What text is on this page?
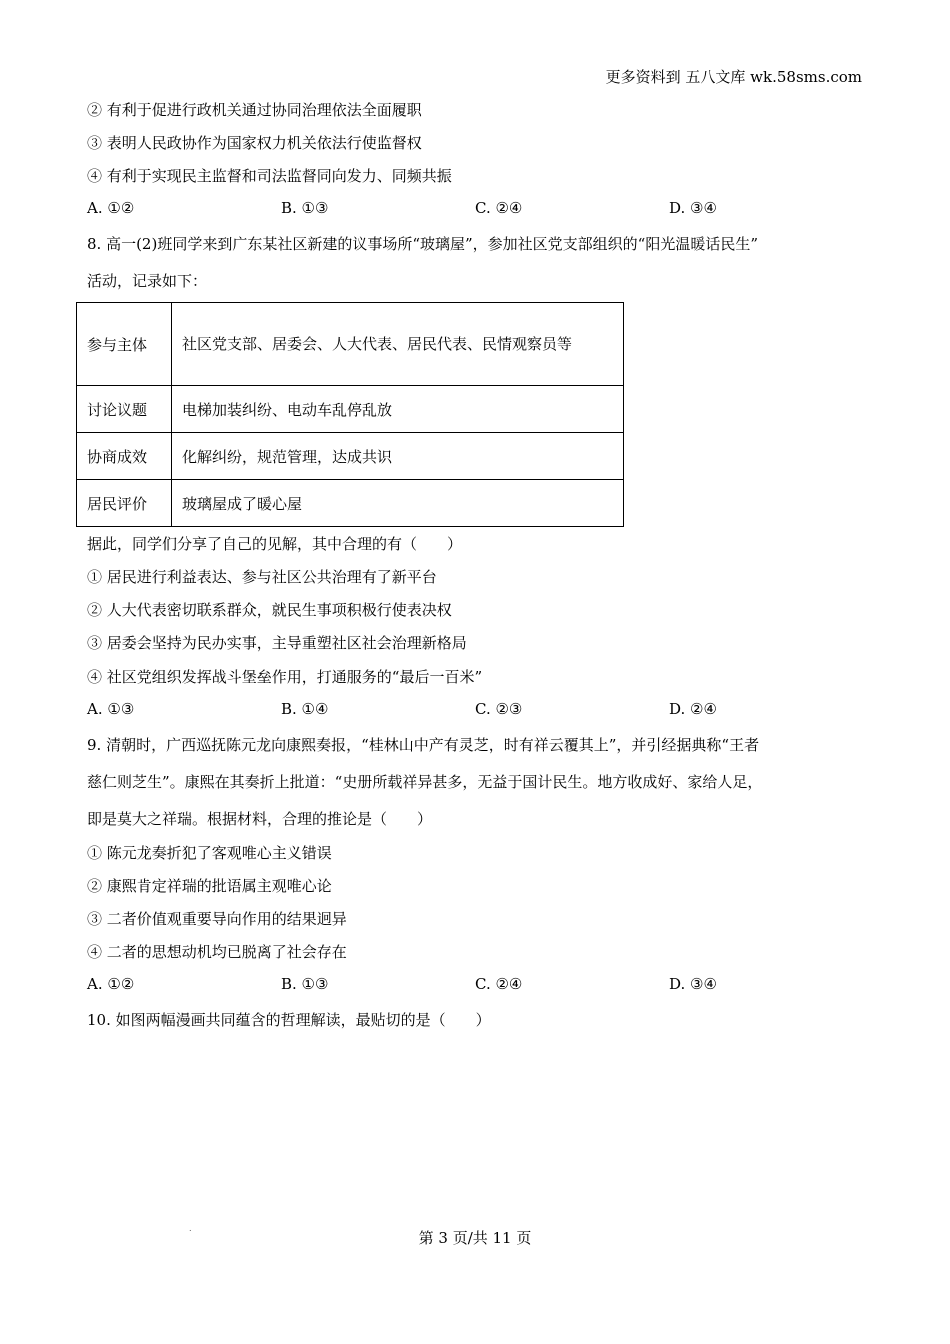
更多资料到 五八文库 wk.58sms.com
② 有利于促进行政机关通过协同治理依法全面履职
③ 表明人民政协作为国家权力机关依法行使监督权
④ 有利于实现民主监督和司法监督同向发力、同频共振
A. ①②	B. ①③	C. ②④	D. ③④
8. 高一(2)班同学来到广东某社区新建的议事场所“玻璃屋”，参加社区党支部组织的“阳光温暖话民生”
活动，记录如下：
参与主体	社区党支部、居委会、人大代表、居民代表、民情观察员等
讨论议题	电梯加装纠纷、电动车乱停乱放
协商成效	化解纠纷，规范管理，达成共识
居民评价	玻璃屋成了暖心屋
据此，同学们分享了自己的见解，其中合理的有（　　）
① 居民进行利益表达、参与社区公共治理有了新平台
② 人大代表密切联系群众，就民生事项积极行使表决权
③ 居委会坚持为民办实事，主导重塑社区社会治理新格局
④ 社区党组织发挥战斗堡垒作用，打通服务的“最后一百米”
A. ①③	B. ①④	C. ②③	D. ②④
9. 清朝时，广西巡抚陈元龙向康熙奏报，“桂林山中产有灵芝，时有祥云覆其上”，并引经据典称“王者
慈仁则芝生”。康熙在其奏折上批道：“史册所载祥异甚多，无益于国计民生。地方收成好、家给人足，
即是莫大之祥瑞。根据材料，合理的推论是（　　）
① 陈元龙奏折犯了客观唯心主义错误
② 康熙肯定祥瑞的批语属主观唯心论
③ 二者价值观重要导向作用的结果迥异
④ 二者的思想动机均已脱离了社会存在
A. ①②	B. ①③	C. ②④	D. ③④
10. 如图两幅漫画共同蕴含的哲理解读，最贴切的是（　　）
.
第 3 页/共 11 页
